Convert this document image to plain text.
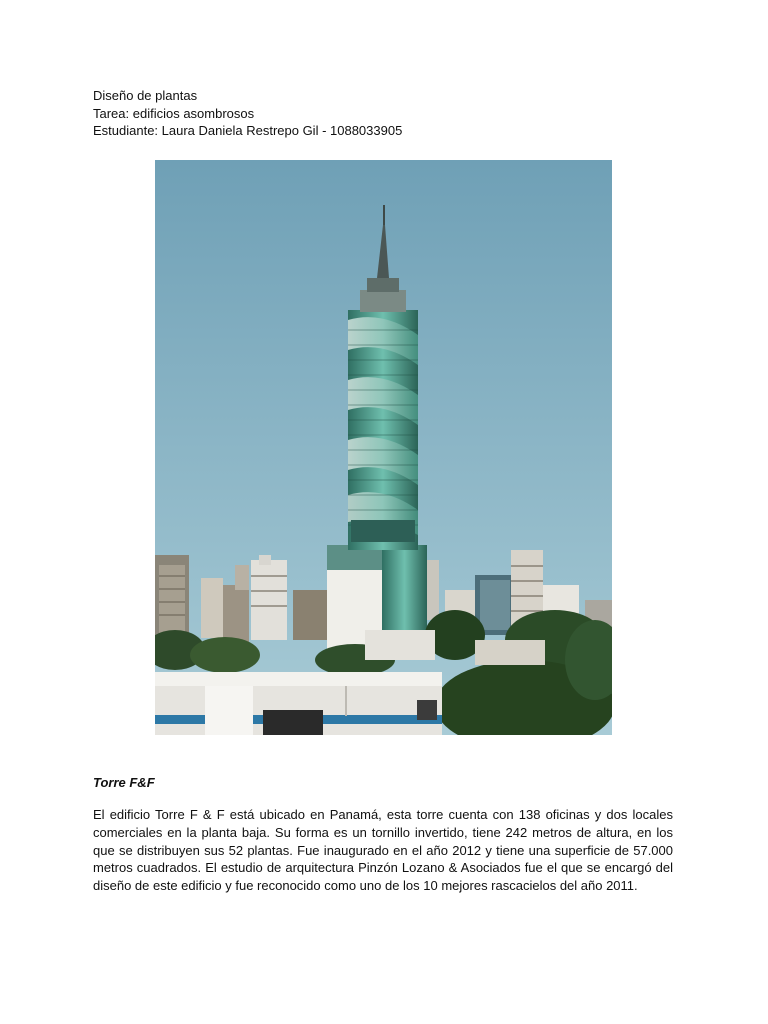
Diseño de plantas
Tarea: edificios asombrosos
Estudiante: Laura Daniela Restrepo Gil - 1088033905
Torre F&F

El edificio Torre F & F está ubicado en Panamá, esta torre cuenta con 138 oficinas y dos locales comerciales en la planta baja. Su forma es un tornillo invertido, tiene 242 metros de altura, en los que se distribuyen sus 52 plantas. Fue inaugurado en el año 2012 y tiene una superficie de 57.000 metros cuadrados. El estudio de arquitectura Pinzón Lozano & Asociados fue el que se encargó del diseño de este edificio y fue reconocido como uno de los 10 mejores rascacielos del año 2011.
